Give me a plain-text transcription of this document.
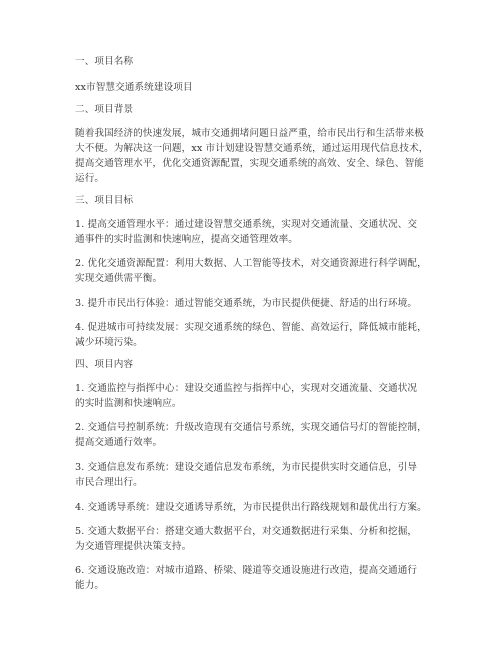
一、项目名称
xx市智慧交通系统建设项目
二、项目背景
随着我国经济的快速发展，城市交通拥堵问题日益严重，给市民出行和生活带来极
大不便。为解决这一问题，xx 市计划建设智慧交通系统，通过运用现代信息技术，
提高交通管理水平，优化交通资源配置，实现交通系统的高效、安全、绿色、智能
运行。
三、项目目标
1. 提高交通管理水平：通过建设智慧交通系统，实现对交通流量、交通状况、交
通事件的实时监测和快速响应，提高交通管理效率。
2. 优化交通资源配置：利用大数据、人工智能等技术，对交通资源进行科学调配，
实现交通供需平衡。
3. 提升市民出行体验：通过智能交通系统，为市民提供便捷、舒适的出行环境。
4. 促进城市可持续发展：实现交通系统的绿色、智能、高效运行，降低城市能耗，
减少环境污染。
四、项目内容
1. 交通监控与指挥中心：建设交通监控与指挥中心，实现对交通流量、交通状况
的实时监测和快速响应。
2. 交通信号控制系统：升级改造现有交通信号系统，实现交通信号灯的智能控制，
提高交通通行效率。
3. 交通信息发布系统：建设交通信息发布系统，为市民提供实时交通信息，引导
市民合理出行。
4. 交通诱导系统：建设交通诱导系统，为市民提供出行路线规划和最优出行方案。
5. 交通大数据平台：搭建交通大数据平台，对交通数据进行采集、分析和挖掘，
为交通管理提供决策支持。
6. 交通设施改造：对城市道路、桥梁、隧道等交通设施进行改造，提高交通通行
能力。
